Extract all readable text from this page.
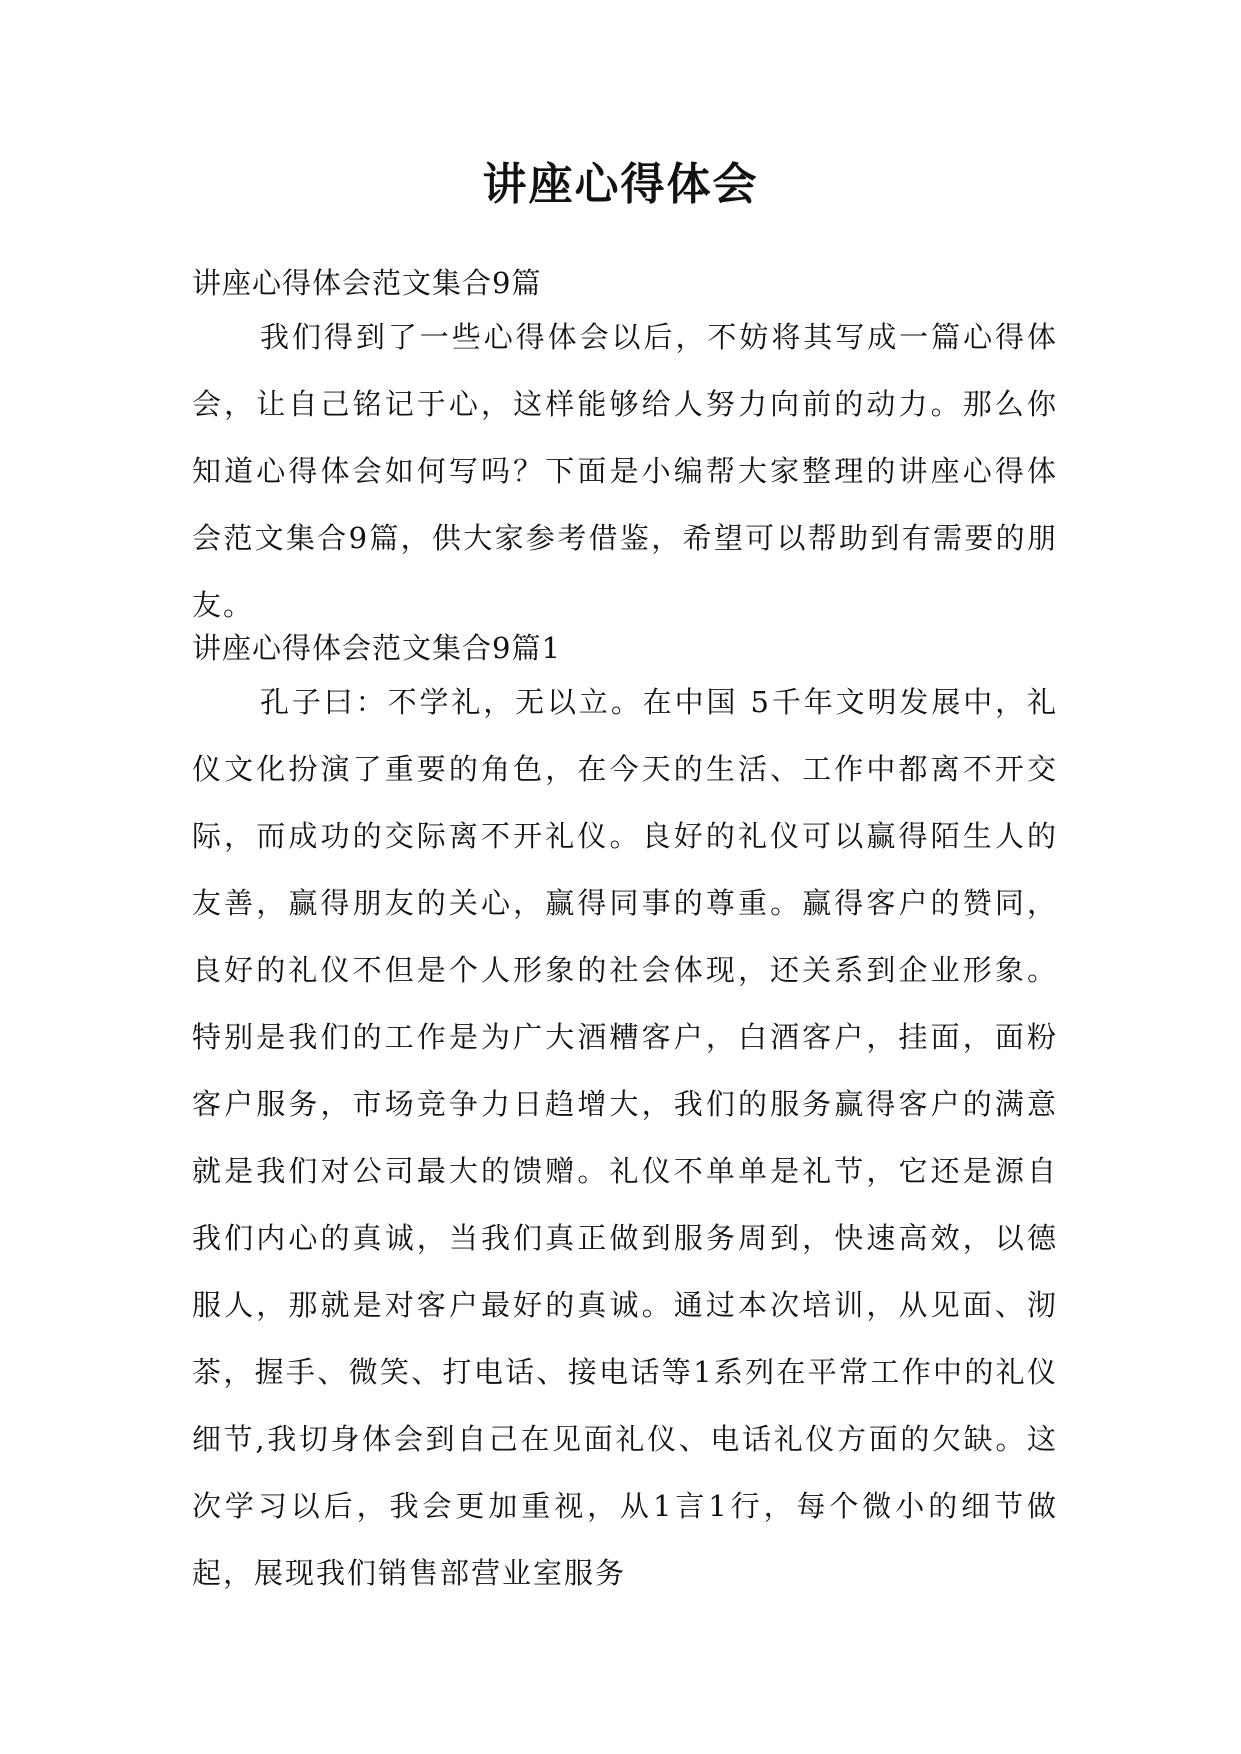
讲座心得体会
讲座心得体会范文集合9篇

我们得到了一些心得体会以后，不妨将其写成一篇心得体会，让自己铭记于心，这样能够给人努力向前的动力。那么你知道心得体会如何写吗？下面是小编帮大家整理的讲座心得体会范文集合9篇，供大家参考借鉴，希望可以帮助到有需要的朋友。

讲座心得体会范文集合9篇1

孔子曰：不学礼，无以立。在中国 5千年文明发展中，礼仪文化扮演了重要的角色，在今天的生活、工作中都离不开交际，而成功的交际离不开礼仪。良好的礼仪可以赢得陌生人的友善，赢得朋友的关心，赢得同事的尊重。赢得客户的赞同，良好的礼仪不但是个人形象的社会体现，还关系到企业形象。特别是我们的工作是为广大酒糟客户，白酒客户，挂面，面粉客户服务，市场竞争力日趋增大，我们的服务赢得客户的满意就是我们对公司最大的馈赠。礼仪不单单是礼节，它还是源自我们内心的真诚，当我们真正做到服务周到，快速高效，以德服人，那就是对客户最好的真诚。通过本次培训，从见面、沏茶，握手、微笑、打电话、接电话等1系列在平常工作中的礼仪细节,我切身体会到自己在见面礼仪、电话礼仪方面的欠缺。这次学习以后，我会更加重视，从1言1行，每个微小的细节做起，展现我们销售部营业室服务
